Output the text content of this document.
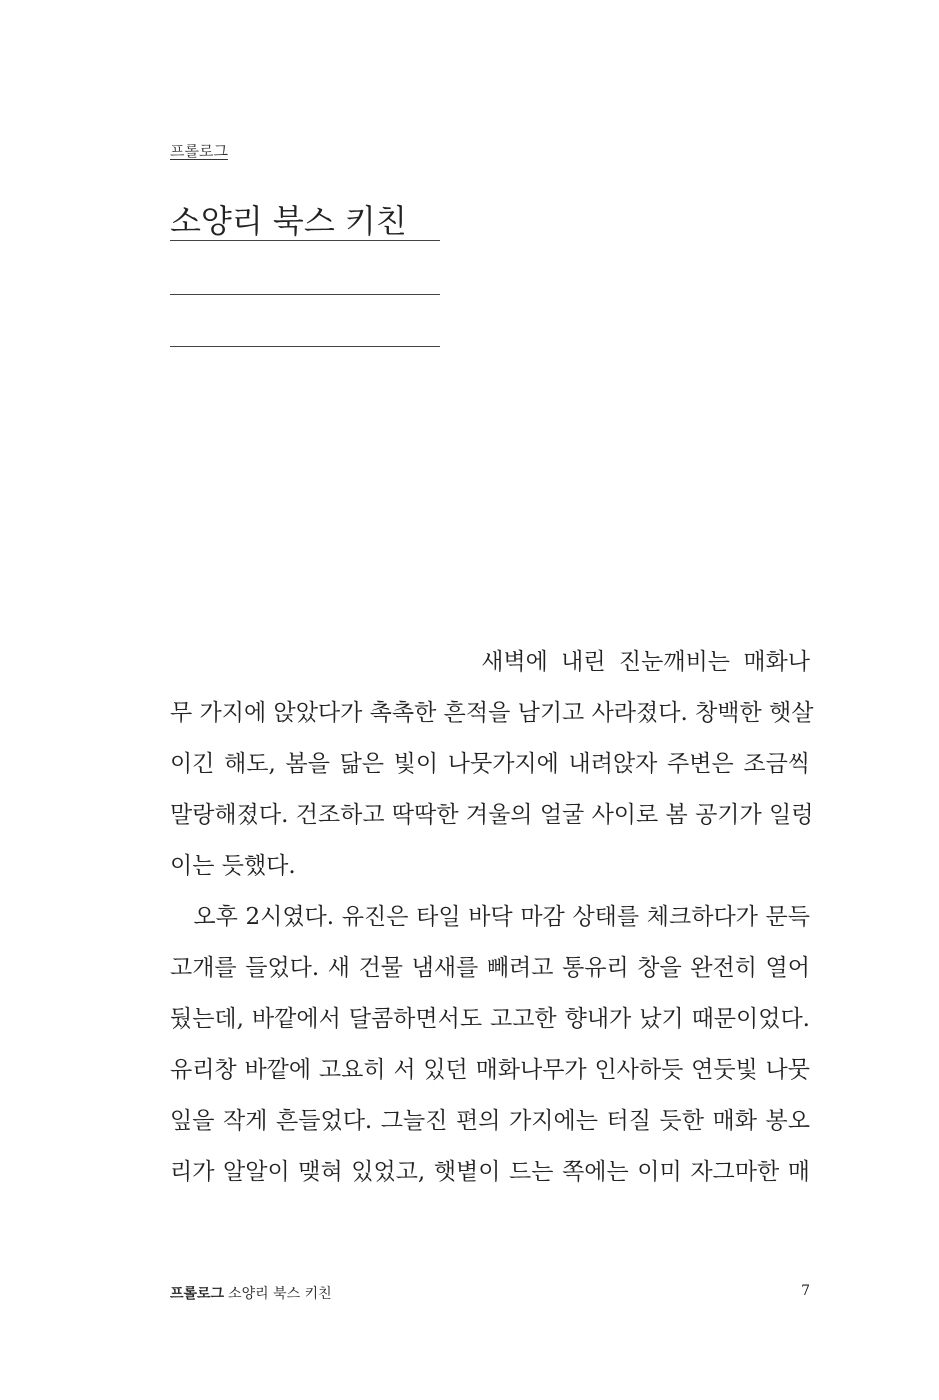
프롤로그
소양리 북스 키친
새벽에 내린 진눈깨비는 매화나
무 가지에 앉았다가 촉촉한 흔적을 남기고 사라졌다. 창백한 햇살
이긴 해도, 봄을 닮은 빛이 나뭇가지에 내려앉자 주변은 조금씩
말랑해졌다. 건조하고 딱딱한 겨울의 얼굴 사이로 봄 공기가 일렁
이는 듯했다.
　오후 2시였다. 유진은 타일 바닥 마감 상태를 체크하다가 문득
고개를 들었다. 새 건물 냄새를 빼려고 통유리 창을 완전히 열어
뒀는데, 바깥에서 달콤하면서도 고고한 향내가 났기 때문이었다.
유리창 바깥에 고요히 서 있던 매화나무가 인사하듯 연둣빛 나뭇
잎을 작게 흔들었다. 그늘진 편의 가지에는 터질 듯한 매화 봉오
리가 알알이 맺혀 있었고, 햇볕이 드는 쪽에는 이미 자그마한 매
프롤로그 소양리 북스 키친	7
